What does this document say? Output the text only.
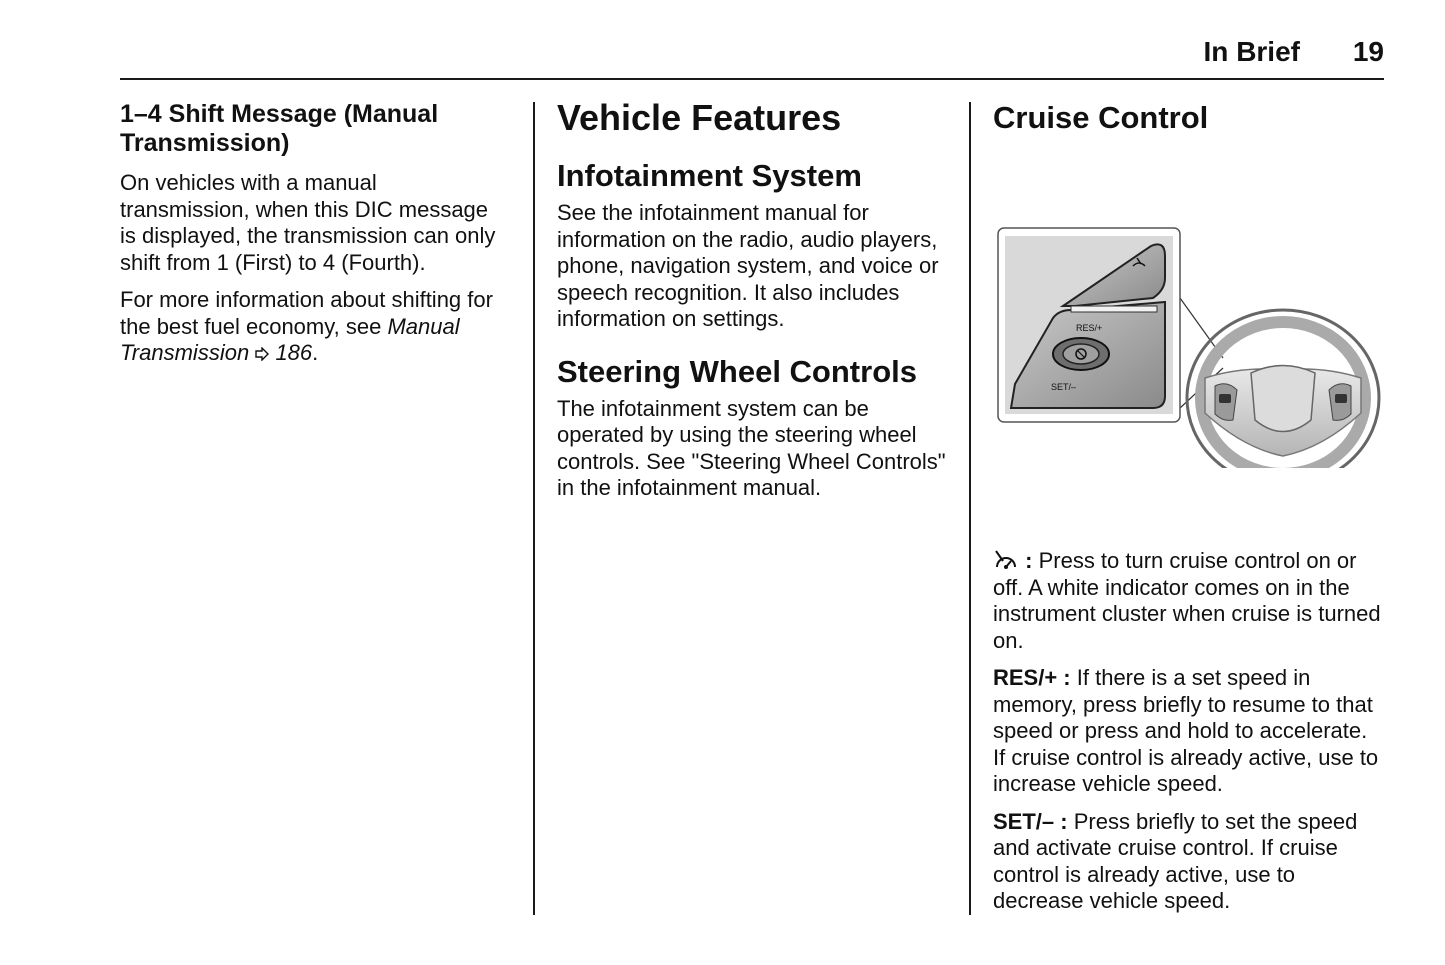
In Brief 19
1–4 Shift Message (Manual Transmission)

On vehicles with a manual transmission, when this DIC message is displayed, the transmission can only shift from 1 (First) to 4 (Fourth).

For more information about shifting for the best fuel economy, see Manual Transmission 186.

Vehicle Features
Infotainment System

See the infotainment manual for information on the radio, audio players, phone, navigation system, and voice or speech recognition. It also includes information on settings.

Steering Wheel Controls

The infotainment system can be operated by using the steering wheel controls. See "Steering Wheel Controls" in the infotainment manual.

Cruise Control
RES/+
SET/–

: Press to turn cruise control on or off. A white indicator comes on in the instrument cluster when cruise is turned on.

RES/+ : If there is a set speed in memory, press briefly to resume to that speed or press and hold to accelerate. If cruise control is already active, use to increase vehicle speed.

SET/– : Press briefly to set the speed and activate cruise control. If cruise control is already active, use to decrease vehicle speed.
